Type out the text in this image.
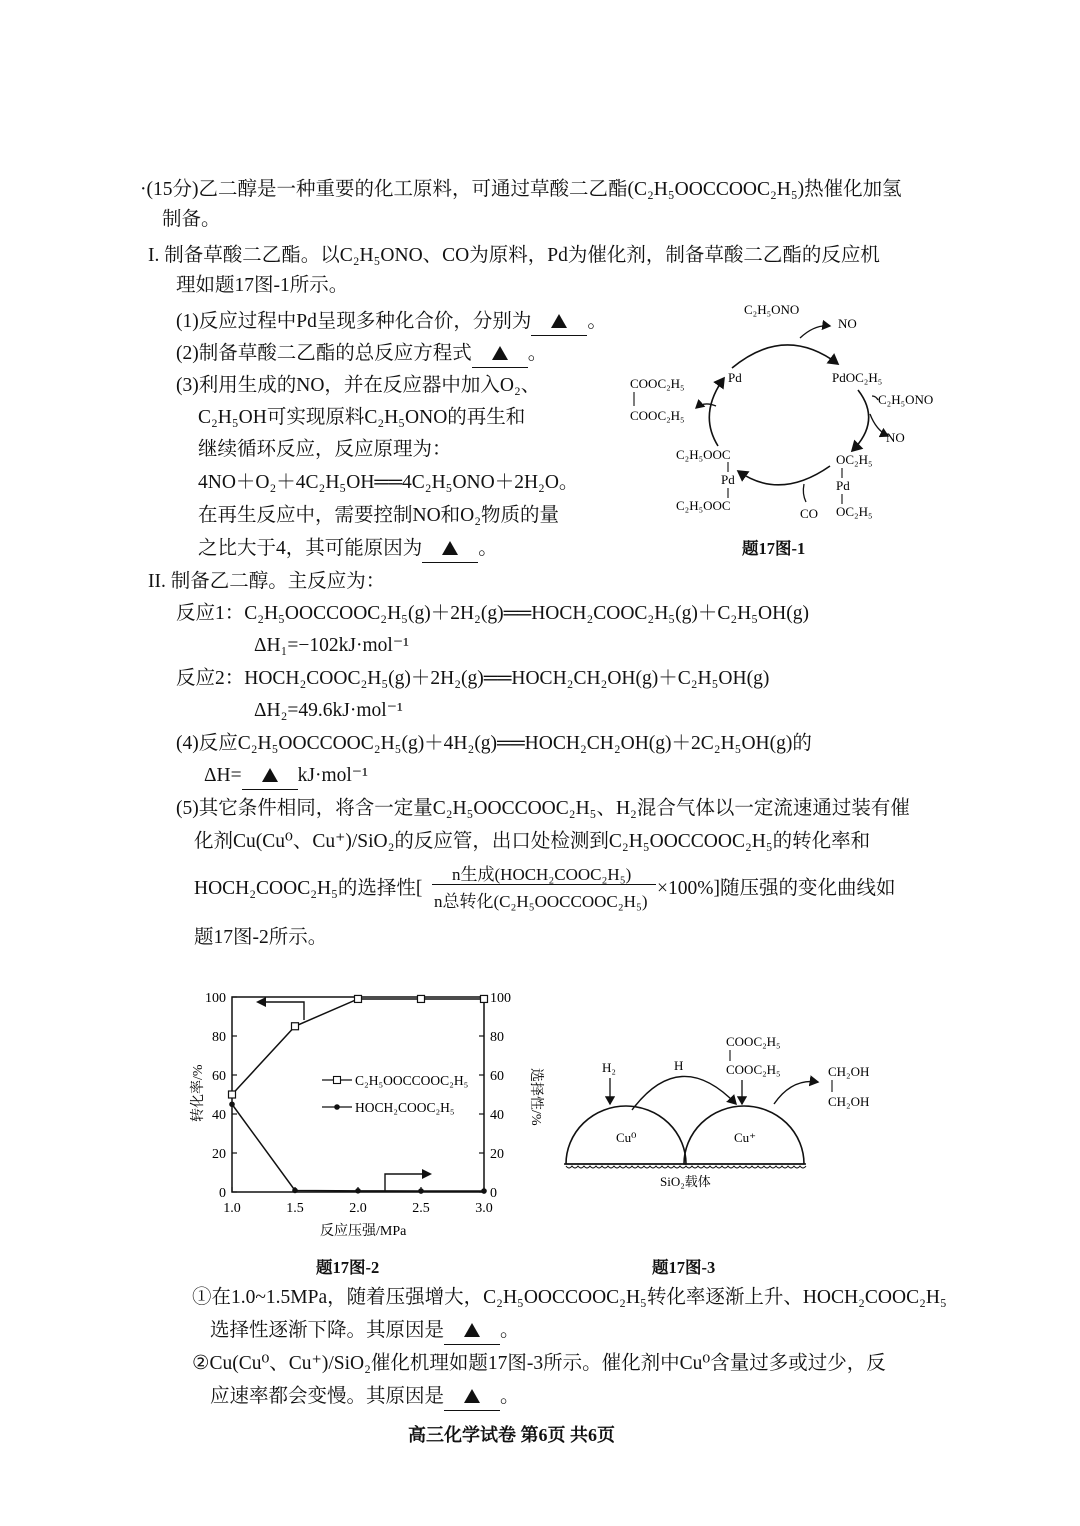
·(15分)乙二醇是一种重要的化工原料，可通过草酸二乙酯(C₂H₅OOCCOOC₂H₅)热催化加氢
制备。
I. 制备草酸二乙酯。以C₂H₅ONO、CO为原料，Pd为催化剂，制备草酸二乙酯的反应机
理如题17图-1所示。
(1)反应过程中Pd呈现多种化合价，分别为	。
(2)制备草酸二乙酯的总反应方程式	。
(3)利用生成的NO，并在反应器中加入O₂、
C₂H₅OH可实现原料C₂H₅ONO的再生和
继续循环反应，反应原理为：
4NO＋O₂＋4C₂H₅OH══4C₂H₅ONO＋2H₂O。
在再生反应中，需要控制NO和O₂物质的量
之比大于4，其可能原因为	。
II. 制备乙二醇。主反应为：
反应1：C₂H₅OOCCOOC₂H₅(g)＋2H₂(g)══HOCH₂COOC₂H₅(g)＋C₂H₅OH(g)
ΔH₁=−102kJ·mol⁻¹
反应2：HOCH₂COOC₂H₅(g)＋2H₂(g)══HOCH₂CH₂OH(g)＋C₂H₅OH(g)
ΔH₂=49.6kJ·mol⁻¹
(4)反应C₂H₅OOCCOOC₂H₅(g)＋4H₂(g)══HOCH₂CH₂OH(g)＋2C₂H₅OH(g)的
ΔH=	kJ·mol⁻¹
(5)其它条件相同，将含一定量C₂H₅OOCCOOC₂H₅、H₂混合气体以一定流速通过装有催
化剂Cu(Cu⁰、Cu⁺)/SiO₂的反应管，出口处检测到C₂H₅OOCCOOC₂H₅的转化率和
HOCH₂COOC₂H₅的选择性[
n生成(HOCH₂COOC₂H₅)
n总转化(C₂H₅OOCCOOC₂H₅)
×100%]随压强的变化曲线如
题17图-2所示。
C₂H₅ONO
NO
Pd	PdOC₂H₅
C₂H₅ONO
NO
COOC₂H₅
COOC₂H₅
C₂H₅OOC
Pd
C₂H₅OOC
OC₂H₅
Pd
OC₂H₅
CO
题17图-1
0	0
20	20
40	40
60	60
80	80
100	100
1.0	1.5	2.0	2.5	3.0
C₂H₅OOCCOOC₂H₅
HOCH₂COOC₂H₅
反应压强/MPa
转化率/%	选择性/%
题17图-2
H₂	H
COOC₂H₅
COOC₂H₅	CH₂OH
CH₂OH
Cu⁰	Cu⁺
SiO₂载体
题17图-3
①在1.0~1.5MPa，随着压强增大，C₂H₅OOCCOOC₂H₅转化率逐渐上升、HOCH₂COOC₂H₅
选择性逐渐下降。其原因是	。
②Cu(Cu⁰、Cu⁺)/SiO₂催化机理如题17图-3所示。催化剂中Cu⁰含量过多或过少，反
应速率都会变慢。其原因是	。
高三化学试卷 第6页 共6页
